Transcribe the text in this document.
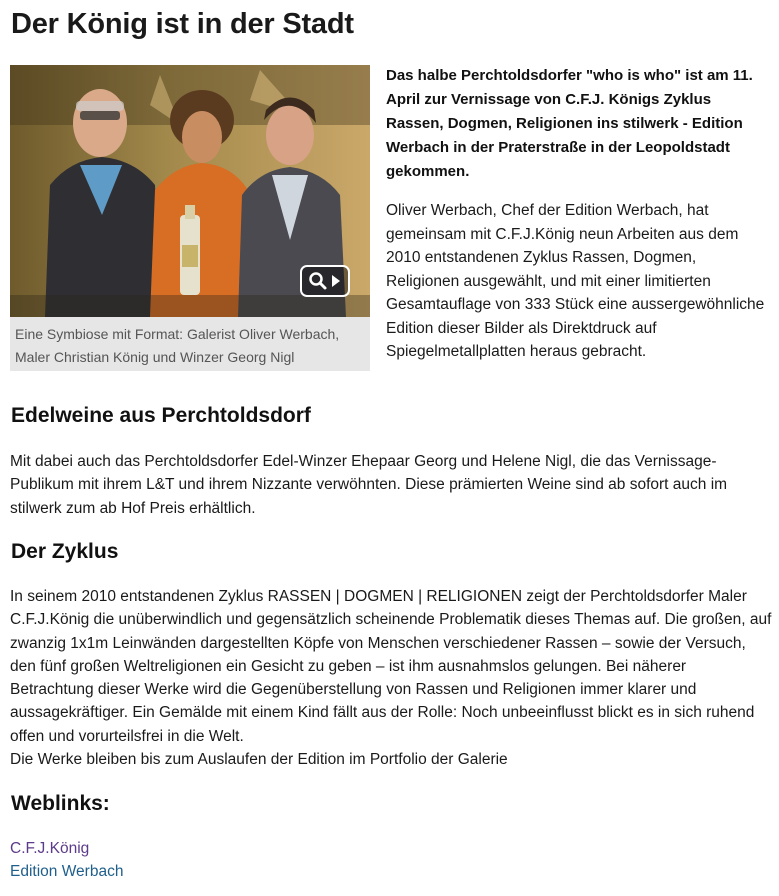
Der König ist in der Stadt
Eine Symbiose mit Format: Galerist Oliver Werbach, Maler Christian König und Winzer Georg Nigl
Das halbe Perchtoldsdorfer "who is who" ist am 11. April zur Vernissage von C.F.J. Königs Zyklus Rassen, Dogmen, Religionen ins stilwerk - Edition Werbach in der Praterstraße in der Leopoldstadt gekommen.
Oliver Werbach, Chef der Edition Werbach, hat gemeinsam mit C.F.J.König neun Arbeiten aus dem 2010 entstandenen Zyklus Rassen, Dogmen, Religionen ausgewählt, und mit einer limitierten Gesamtauflage von 333 Stück eine aussergewöhnliche Edition dieser Bilder als Direktdruck auf Spiegelmetallplatten heraus gebracht.
Edelweine aus Perchtoldsdorf
Mit dabei auch das Perchtoldsdorfer Edel-Winzer Ehepaar Georg und Helene Nigl, die das Vernissage-Publikum mit ihrem L&T und ihrem Nizzante verwöhnten. Diese prämierten Weine sind ab sofort auch im stilwerk zum ab Hof Preis erhältlich.
Der Zyklus
In seinem 2010 entstandenen Zyklus RASSEN | DOGMEN | RELIGIONEN zeigt der Perchtoldsdorfer Maler C.F.J.König die unüberwindlich und gegensätzlich scheinende Problematik dieses Themas auf. Die großen, auf zwanzig 1x1m Leinwänden dargestellten Köpfe von Menschen verschiedener Rassen – sowie der Versuch, den fünf großen Weltreligionen ein Gesicht zu geben – ist ihm ausnahmslos gelungen. Bei näherer Betrachtung dieser Werke wird die Gegenüberstellung von Rassen und Religionen immer klarer und aussagekräftiger. Ein Gemälde mit einem Kind fällt aus der Rolle: Noch unbeeinflusst blickt es in sich ruhend offen und vorurteilsfrei in die Welt.
Die Werke bleiben bis zum Auslaufen der Edition im Portfolio der Galerie
Weblinks:
C.F.J.König
Edition Werbach
